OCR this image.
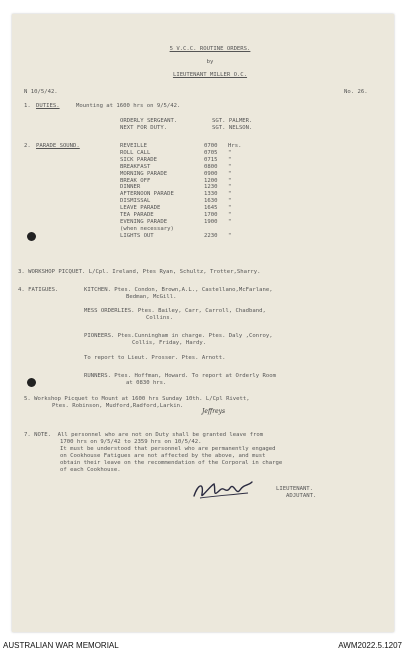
5 V.C.C. ROUTINE ORDERS.
by
LIEUTENANT MILLER O.C.
N 10/5/42.	No. 26.
1. DUTIES.	Mounting at 1600 hrs on 9/5/42.
ORDERLY SERGEANT.	SGT. PALMER.
NEXT FOR DUTY.	SGT. NELSON.
2. PARADE SOUND.	REVEILLE	0700 Hrs.
ROLL CALL	0705 "
SICK PARADE	0715 "
BREAKFAST	0800 "
MORNING PARADE	0900 "
BREAK OFF	1200 "
DINNER	1230 "
AFTERNOON PARADE	1330 "
DISMISSAL	1630 "
LEAVE PARADE	1645 "
TEA PARADE	1700 "
EVENING PARADE	1900 "
(when necessary)
LIGHTS OUT	2230 "
3. WORKSHOP PICQUET. L/Cpl. Ireland, Ptes Ryan, Schultz, Trotter,Sharry.
4. FATIGUES.	KITCHEN. Ptes. Condon, Brown,A.L., Castellano,McFarlane,
Bedman, McGill.
MESS ORDERLIES. Ptes. Bailey, Carr, Carroll, Chadband,
Collins.
PIONEERS. Ptes.Cunningham in charge. Ptes. Daly ,Conroy,
Collis, Friday, Hardy.
To report to Lieut. Prosser. Ptes. Arnott.
RUNNERS. Ptes. Hoffman, Howard. To report at Orderly Room
at 0830 hrs.
5. Workshop Picquet to Mount at 1600 hrs Sunday 10th. L/Cpl Rivett,
Ptes. Robinson, Mudford,Radford,Larkin.
Jeffreys
7. NOTE.  All personnel who are not on Duty shall be granted leave from
1700 hrs on 9/5/42 to 2359 hrs on 10/5/42.
It must be understood that personnel who are permanently engaged
on Cookhouse Fatigues are not affected by the above, and must
obtain their leave on the recommendation of the Corporal in charge
of each Cookhouse.
LIEUTENANT.
ADJUTANT.
AUSTRALIAN WAR MEMORIAL	AWM2022.5.1207
